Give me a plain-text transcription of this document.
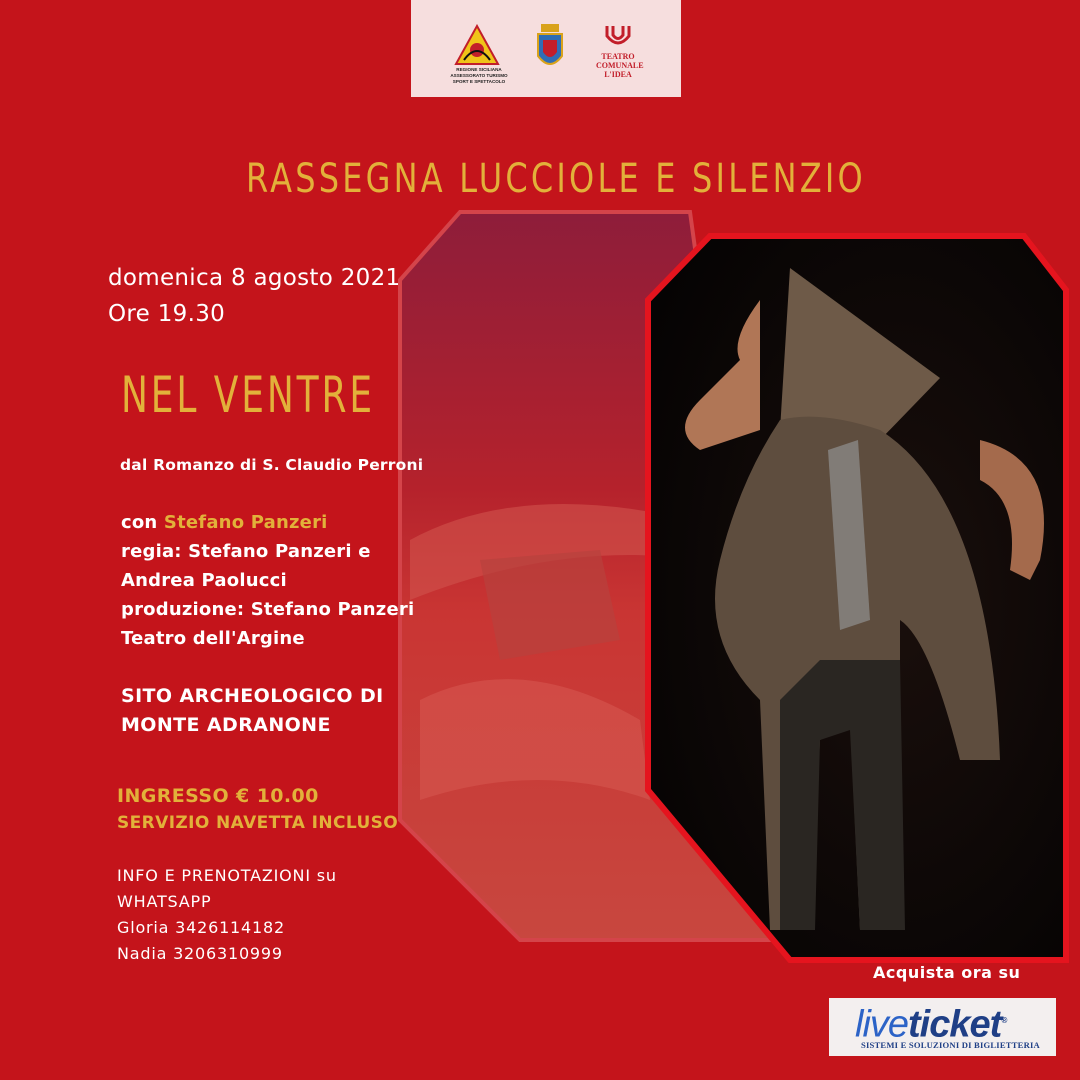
REGIONE SICILIANA
ASSESSORATO TURISMO
SPORT E SPETTACOLO
TEATRO
COMUNALE
L'IDEA
RASSEGNA LUCCIOLE E SILENZIO
domenica 8 agosto 2021
Ore 19.30
NEL VENTRE
dal Romanzo di S. Claudio Perroni
con Stefano Panzeri
regia: Stefano Panzeri e
Andrea Paolucci
produzione: Stefano Panzeri
Teatro dell'Argine
SITO ARCHEOLOGICO DI
MONTE ADRANONE
INGRESSO € 10.00
SERVIZIO NAVETTA INCLUSO
INFO E PRENOTAZIONI su
WHATSAPP
Gloria 3426114182
Nadia 3206310999
Acquista ora su
liveticket®
SISTEMI E SOLUZIONI DI BIGLIETTERIA
